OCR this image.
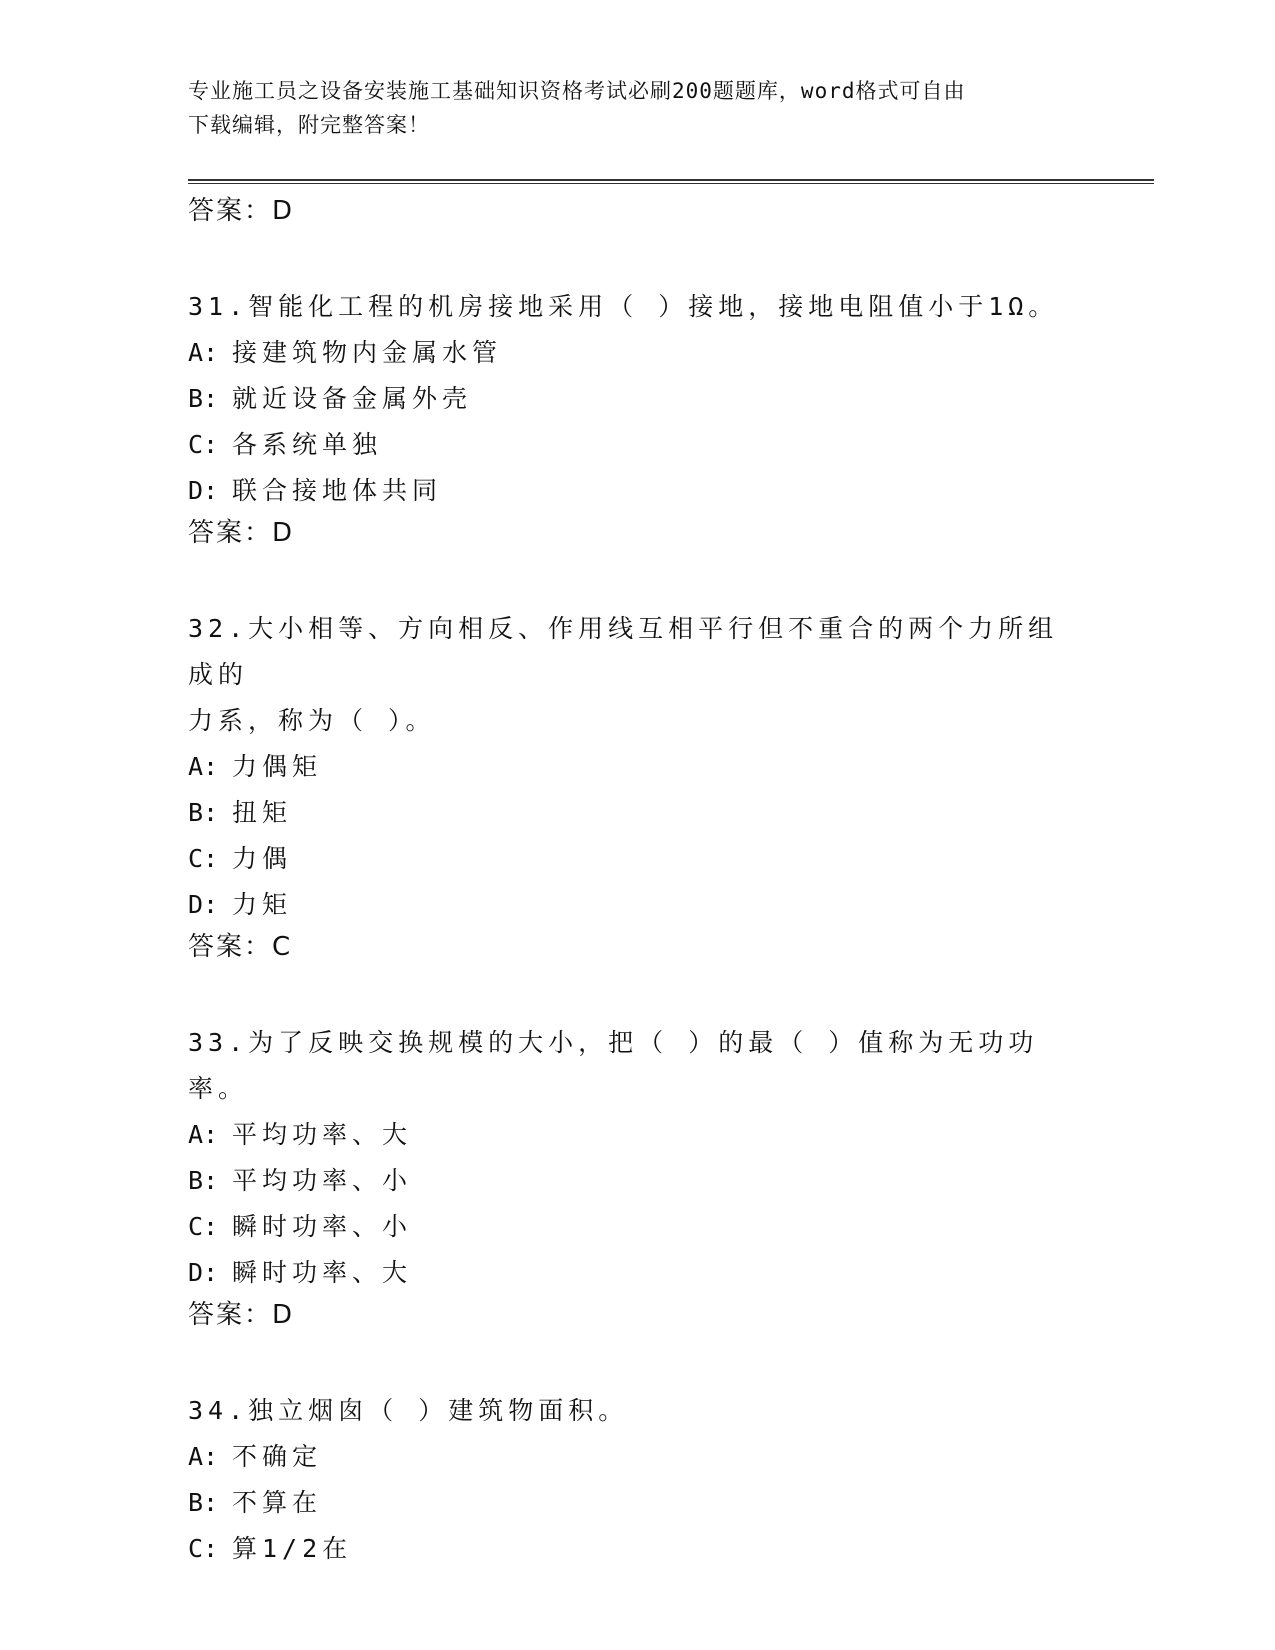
专业施工员之设备安装施工基础知识资格考试必刷200题题库，word格式可自由
下载编辑，附完整答案！
答案：D
31.智能化工程的机房接地采用（ ）接地，接地电阻值小于1Ω。
A: 接建筑物内金属水管
B: 就近设备金属外壳
C: 各系统单独
D: 联合接地体共同
答案：D
32.大小相等、方向相反、作用线互相平行但不重合的两个力所组成的
力系，称为（ ）。
A: 力偶矩
B: 扭矩
C: 力偶
D: 力矩
答案：C
33.为了反映交换规模的大小，把（ ）的最（ ）值称为无功功率。
A: 平均功率、大
B: 平均功率、小
C: 瞬时功率、小
D: 瞬时功率、大
答案：D
34.独立烟囱（ ）建筑物面积。
A: 不确定
B: 不算在
C: 算1/2在
